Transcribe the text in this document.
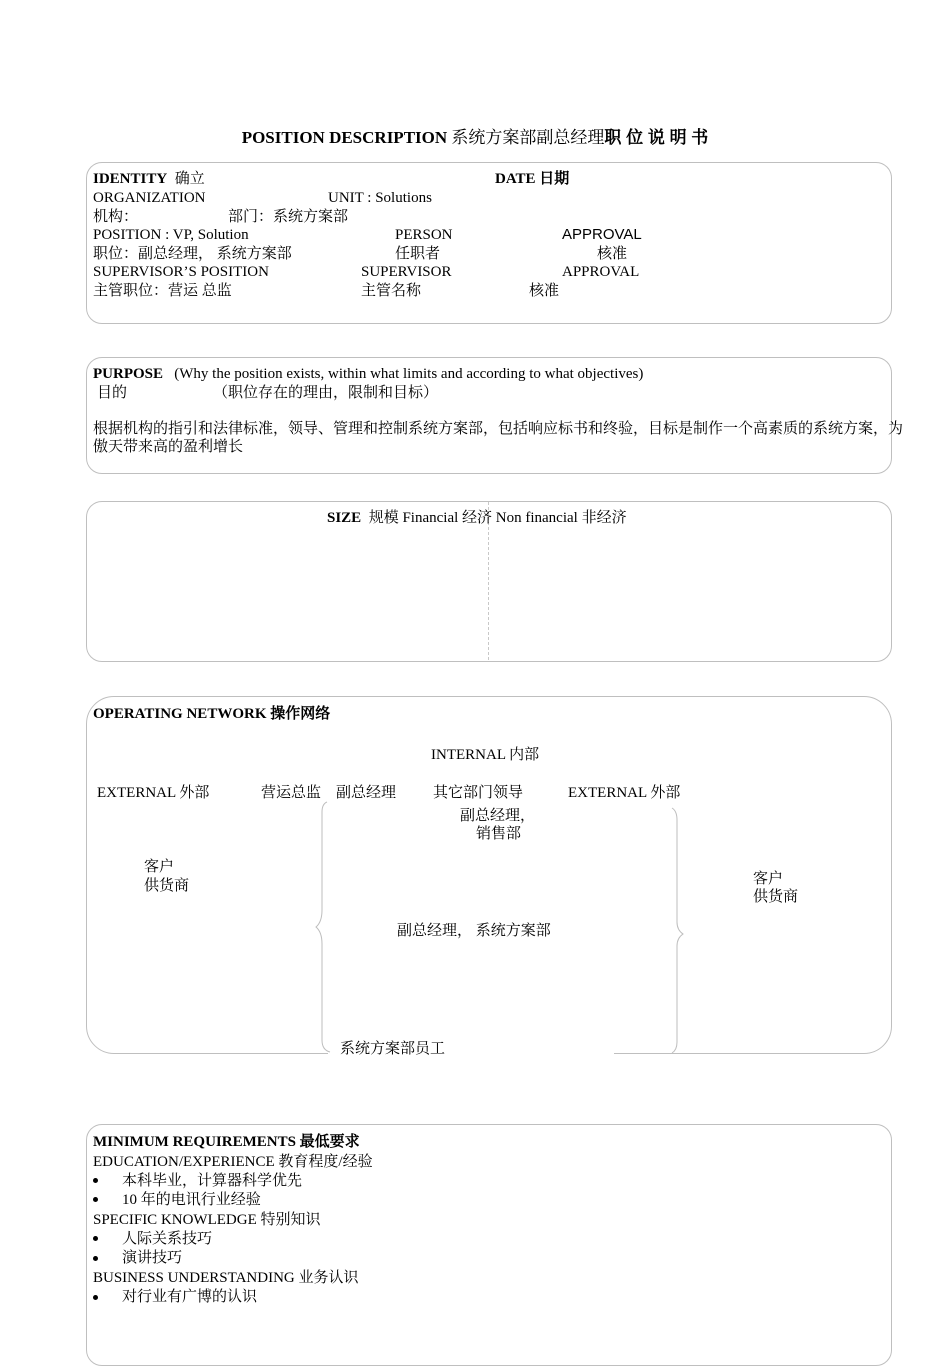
POSITION DESCRIPTION 系统方案部副总经理职 位 说 明 书
IDENTITY 确立	DATE 日期
ORGANIZATION	UNIT : Solutions
机构：	部门：系统方案部
POSITION : VP, Solution	PERSON	APPROVAL
职位：副总经理， 系统方案部	任职者	核准
SUPERVISOR’S POSITION	SUPERVISOR	APPROVAL
主管职位：营运 总监	主管名称	核准
PURPOSE (Why the position exists, within what limits and according to what objectives)
目的	（职位存在的理由，限制和目标）
根据机构的指引和法律标准，领导、管理和控制系统方案部，包括响应标书和终验，目标是制作一个高素质的系统方案，为傲天带来高的盈利增长
SIZE 规模 Financial 经济 Non financial 非经济
OPERATING NETWORK 操作网络
INTERNAL 内部
EXTERNAL 外部	营运总监 副总经理 其它部门领导	EXTERNAL 外部
副总经理，
销售部
客户
供货商
副总经理， 系统方案部
客户
供货商
系统方案部员工
MINIMUM REQUIREMENTS 最低要求
EDUCATION/EXPERIENCE 教育程度/经验
本科毕业，计算器科学优先
10 年的电讯行业经验
SPECIFIC KNOWLEDGE 特别知识
人际关系技巧
演讲技巧
BUSINESS UNDERSTANDING 业务认识
对行业有广博的认识
